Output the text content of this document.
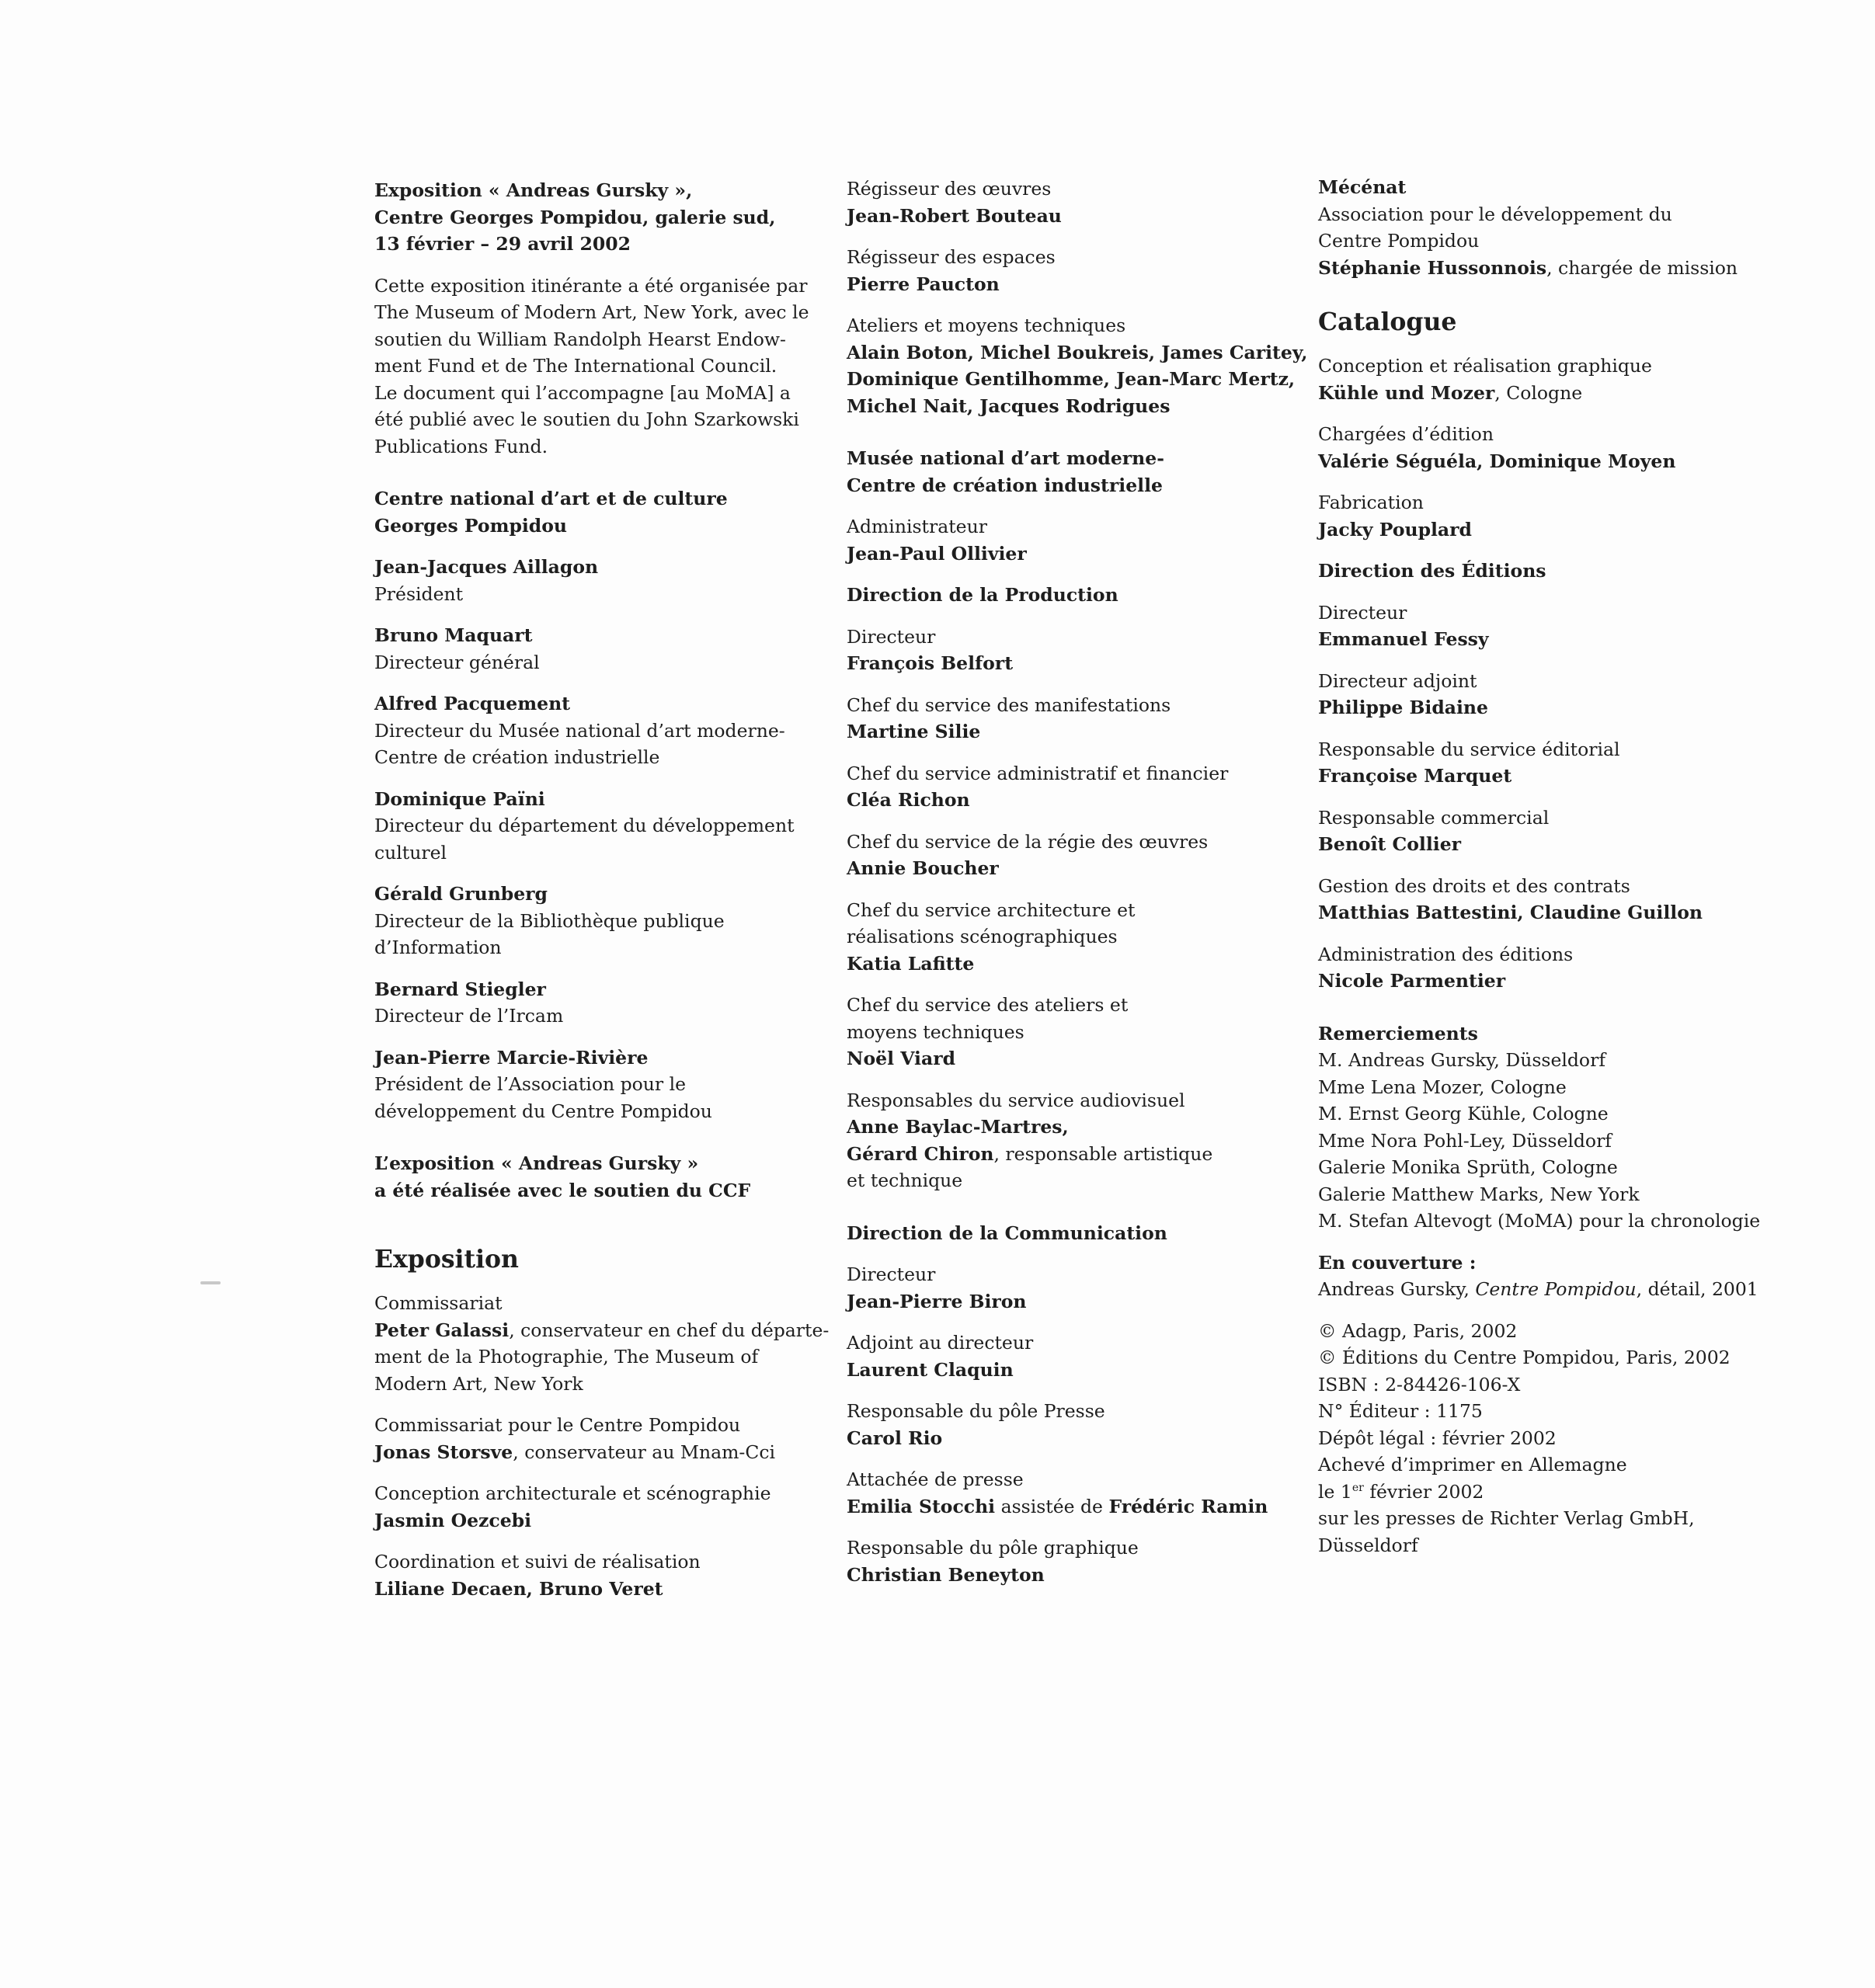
Exposition « Andreas Gursky »,
Centre Georges Pompidou, galerie sud,
13 février – 29 avril 2002
Cette exposition itinérante a été organisée par
The Museum of Modern Art, New York, avec le
soutien du William Randolph Hearst Endow-
ment Fund et de The International Council.
Le document qui l’accompagne [au MoMA] a
été publié avec le soutien du John Szarkowski
Publications Fund.
Centre national d’art et de culture
Georges Pompidou
Jean-Jacques Aillagon
Président
Bruno Maquart
Directeur général
Alfred Pacquement
Directeur du Musée national d’art moderne-
Centre de création industrielle
Dominique Païni
Directeur du département du développement
culturel
Gérald Grunberg
Directeur de la Bibliothèque publique
d’Information
Bernard Stiegler
Directeur de l’Ircam
Jean-Pierre Marcie-Rivière
Président de l’Association pour le
développement du Centre Pompidou
L’exposition « Andreas Gursky »
a été réalisée avec le soutien du CCF
Exposition
Commissariat
Peter Galassi, conservateur en chef du départe-
ment de la Photographie, The Museum of
Modern Art, New York
Commissariat pour le Centre Pompidou
Jonas Storsve, conservateur au Mnam-Cci
Conception architecturale et scénographie
Jasmin Oezcebi
Coordination et suivi de réalisation
Liliane Decaen, Bruno Veret
Régisseur des œuvres
Jean-Robert Bouteau
Régisseur des espaces
Pierre Paucton
Ateliers et moyens techniques
Alain Boton, Michel Boukreis, James Caritey,
Dominique Gentilhomme, Jean-Marc Mertz,
Michel Nait, Jacques Rodrigues
Musée national d’art moderne-
Centre de création industrielle
Administrateur
Jean-Paul Ollivier
Direction de la Production
Directeur
François Belfort
Chef du service des manifestations
Martine Silie
Chef du service administratif et financier
Cléa Richon
Chef du service de la régie des œuvres
Annie Boucher
Chef du service architecture et
réalisations scénographiques
Katia Lafitte
Chef du service des ateliers et
moyens techniques
Noël Viard
Responsables du service audiovisuel
Anne Baylac-Martres,
Gérard Chiron, responsable artistique
et technique
Direction de la Communication
Directeur
Jean-Pierre Biron
Adjoint au directeur
Laurent Claquin
Responsable du pôle Presse
Carol Rio
Attachée de presse
Emilia Stocchi assistée de Frédéric Ramin
Responsable du pôle graphique
Christian Beneyton
Mécénat
Association pour le développement du
Centre Pompidou
Stéphanie Hussonnois, chargée de mission
Catalogue
Conception et réalisation graphique
Kühle und Mozer, Cologne
Chargées d’édition
Valérie Séguéla, Dominique Moyen
Fabrication
Jacky Pouplard
Direction des Éditions
Directeur
Emmanuel Fessy
Directeur adjoint
Philippe Bidaine
Responsable du service éditorial
Françoise Marquet
Responsable commercial
Benoît Collier
Gestion des droits et des contrats
Matthias Battestini, Claudine Guillon
Administration des éditions
Nicole Parmentier
Remerciements
M. Andreas Gursky, Düsseldorf
Mme Lena Mozer, Cologne
M. Ernst Georg Kühle, Cologne
Mme Nora Pohl-Ley, Düsseldorf
Galerie Monika Sprüth, Cologne
Galerie Matthew Marks, New York
M. Stefan Altevogt (MoMA) pour la chronologie
En couverture :
Andreas Gursky, Centre Pompidou, détail, 2001
© Adagp, Paris, 2002
© Éditions du Centre Pompidou, Paris, 2002
ISBN : 2-84426-106-X
N° Éditeur : 1175
Dépôt légal : février 2002
Achevé d’imprimer en Allemagne
le 1er février 2002
sur les presses de Richter Verlag GmbH,
Düsseldorf
